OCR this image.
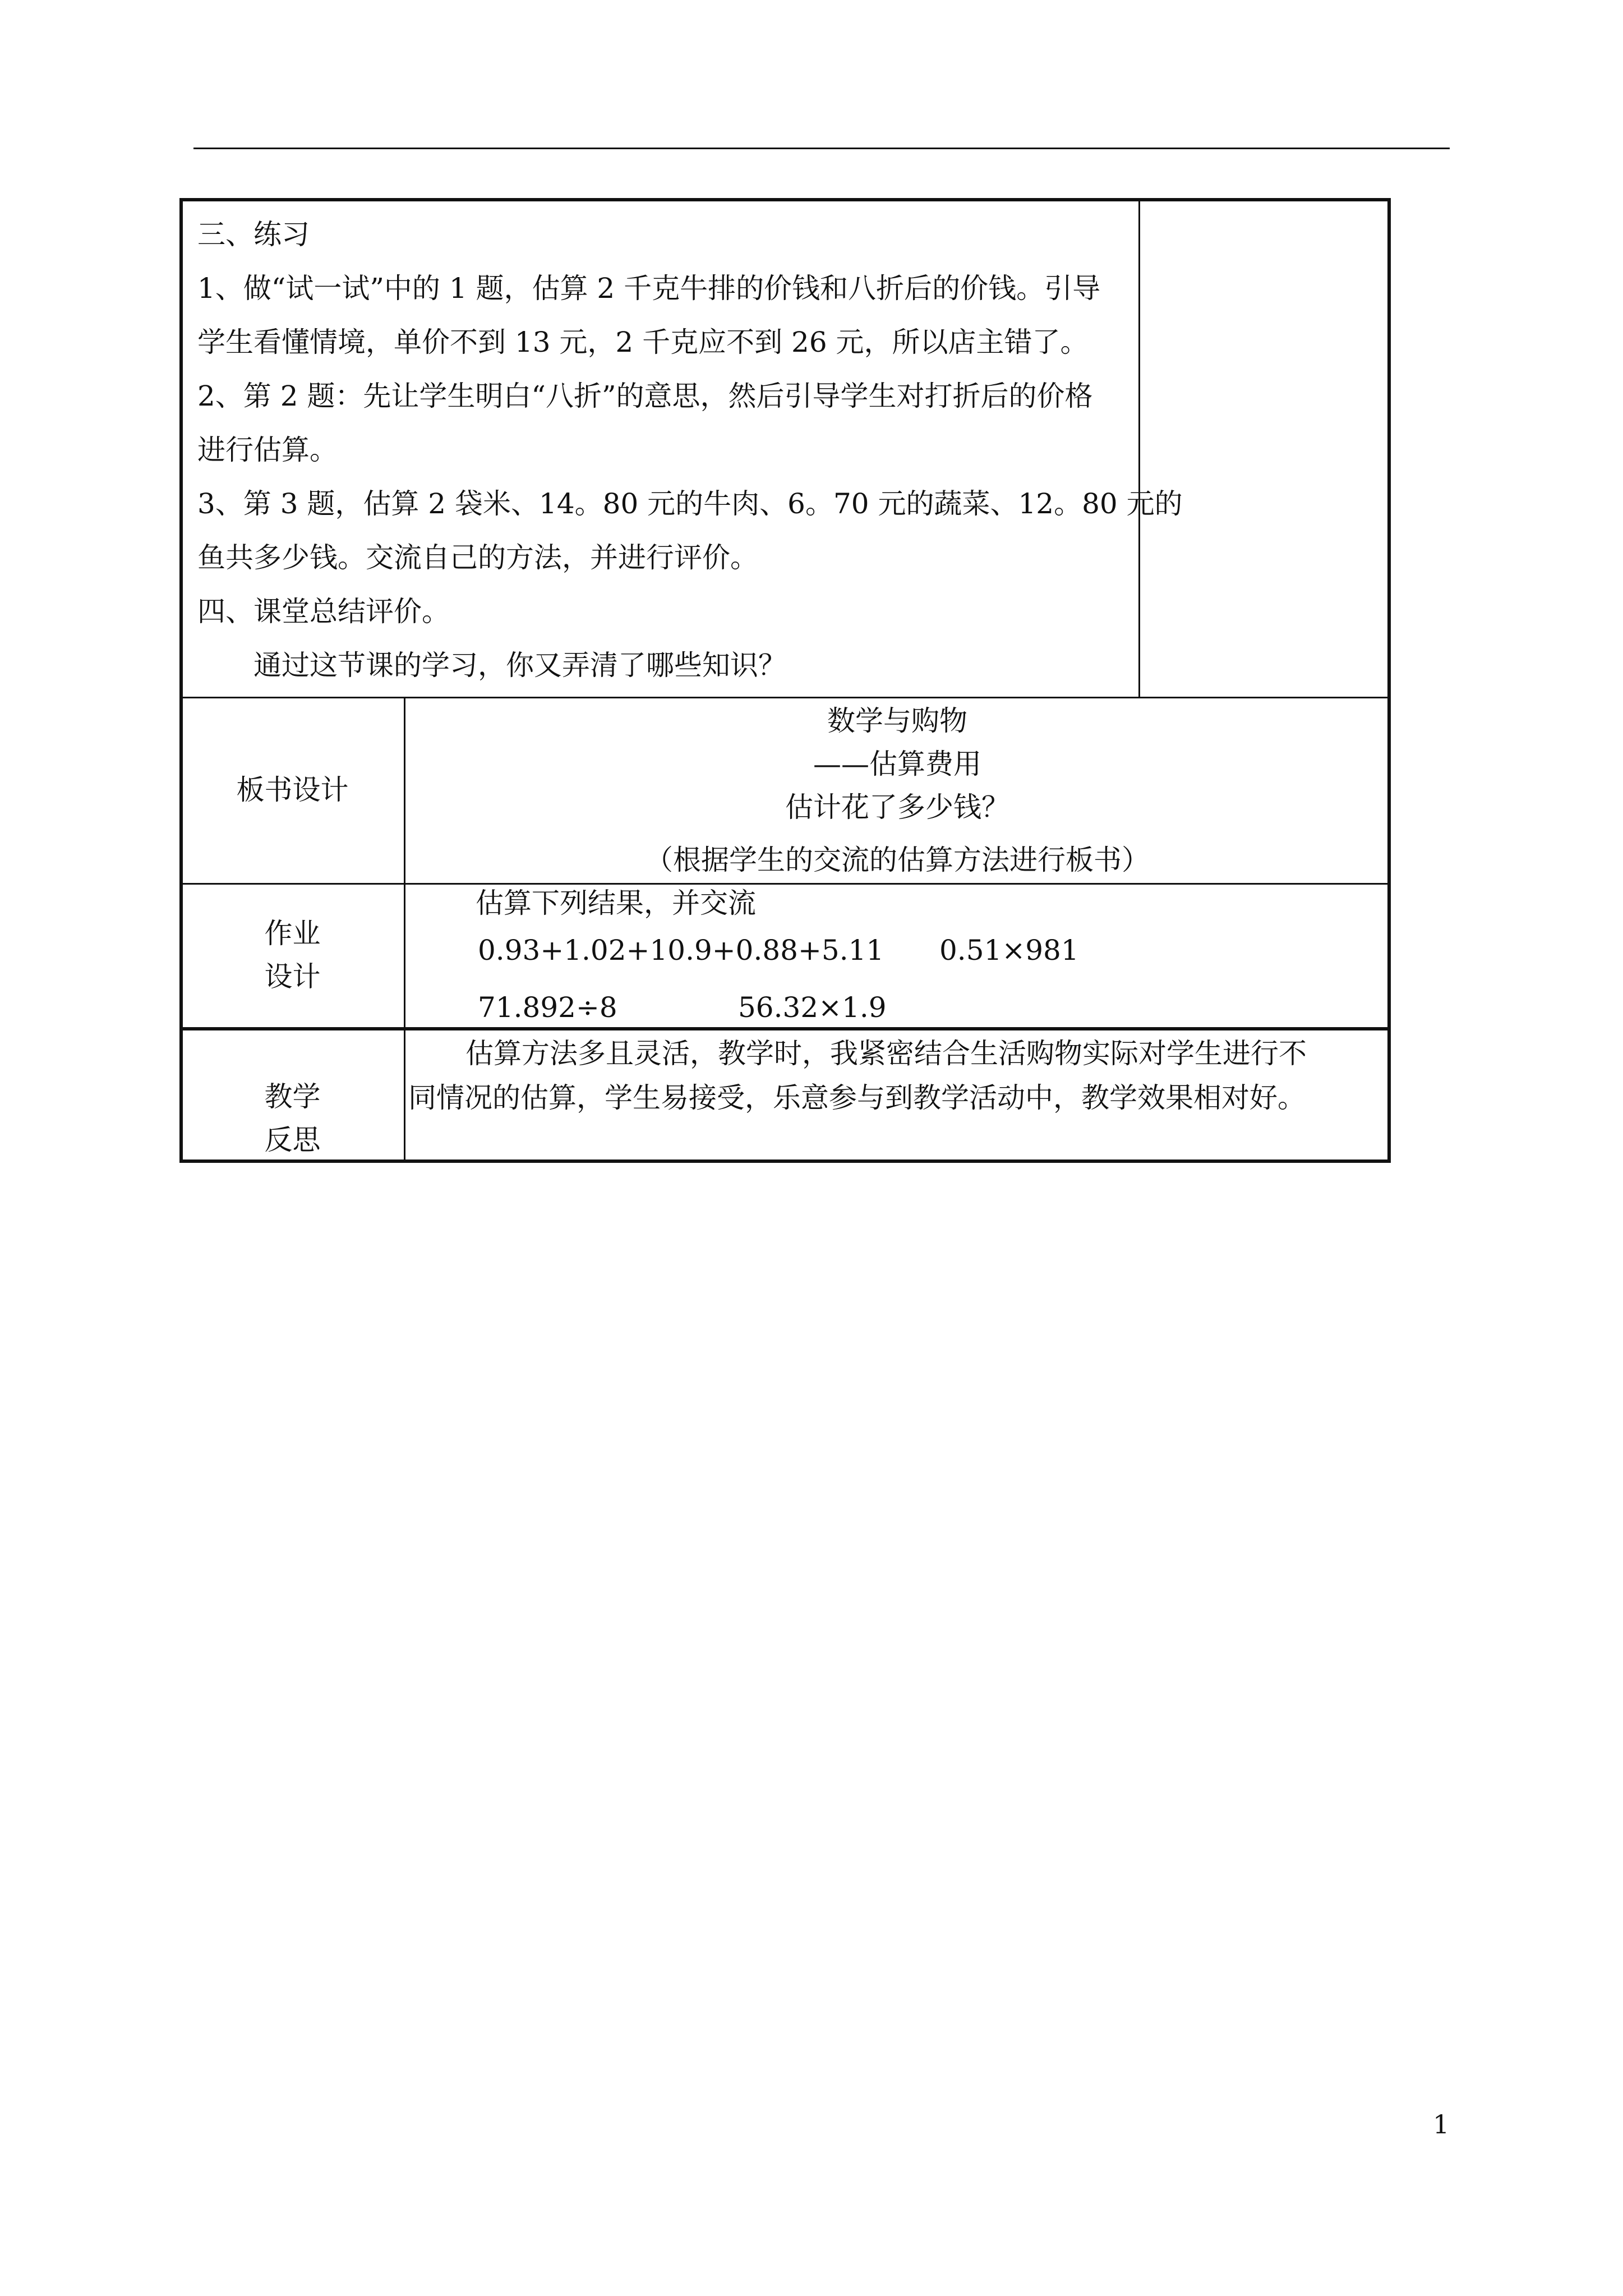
三、练习
1、做“试一试”中的 1 题，估算 2 千克牛排的价钱和八折后的价钱。引导
学生看懂情境，单价不到 13 元，2 千克应不到 26 元，所以店主错了。
2、第 2 题：先让学生明白“八折”的意思，然后引导学生对打折后的价格
进行估算。
3、第 3 题，估算 2 袋米、14。80 元的牛肉、6。70 元的蔬菜、12。80 元的
鱼共多少钱。交流自己的方法，并进行评价。
四、课堂总结评价。
通过这节课的学习，你又弄清了哪些知识？
板书设计
数学与购物
——估算费用
估计花了多少钱？
（根据学生的交流的估算方法进行板书）
作业
设计
估算下列结果，并交流
0.93+1.02+10.9+0.88+5.11 0.51×981
71.892÷8	56.32×1.9
教学
反思
估算方法多且灵活，教学时，我紧密结合生活购物实际对学生进行不
同情况的估算，学生易接受，乐意参与到教学活动中，教学效果相对好。
1
